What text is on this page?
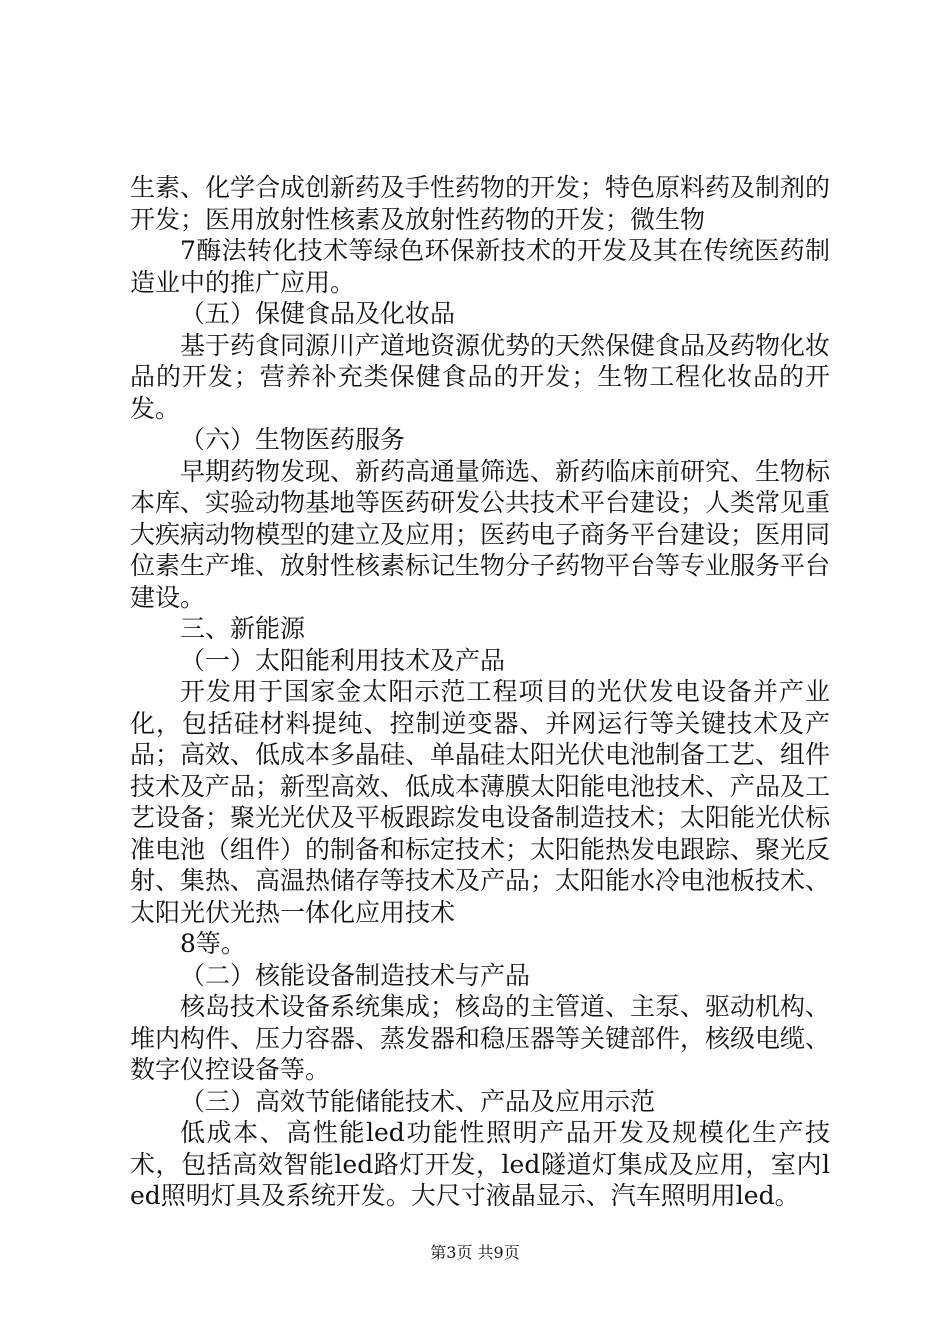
生素、化学合成创新药及手性药物的开发；特色原料药及制剂的开发；医用放射性核素及放射性药物的开发；微生物

7酶法转化技术等绿色环保新技术的开发及其在传统医药制造业中的推广应用。

（五）保健食品及化妆品

基于药食同源川产道地资源优势的天然保健食品及药物化妆品的开发；营养补充类保健食品的开发；生物工程化妆品的开发。

（六）生物医药服务

早期药物发现、新药高通量筛选、新药临床前研究、生物标本库、实验动物基地等医药研发公共技术平台建设；人类常见重大疾病动物模型的建立及应用；医药电子商务平台建设；医用同位素生产堆、放射性核素标记生物分子药物平台等专业服务平台建设。

三、新能源

（一）太阳能利用技术及产品

开发用于国家金太阳示范工程项目的光伏发电设备并产业化，包括硅材料提纯、控制逆变器、并网运行等关键技术及产品；高效、低成本多晶硅、单晶硅太阳光伏电池制备工艺、组件技术及产品；新型高效、低成本薄膜太阳能电池技术、产品及工艺设备；聚光光伏及平板跟踪发电设备制造技术；太阳能光伏标准电池（组件）的制备和标定技术；太阳能热发电跟踪、聚光反射、集热、高温热储存等技术及产品；太阳能水冷电池板技术、太阳光伏光热一体化应用技术

8等。

（二）核能设备制造技术与产品

核岛技术设备系统集成；核岛的主管道、主泵、驱动机构、堆内构件、压力容器、蒸发器和稳压器等关键部件，核级电缆、数字仪控设备等。

（三）高效节能储能技术、产品及应用示范

低成本、高性能led功能性照明产品开发及规模化生产技术，包括高效智能led路灯开发，led隧道灯集成及应用，室内led照明灯具及系统开发。大尺寸液晶显示、汽车照明用led。

第3页 共9页
